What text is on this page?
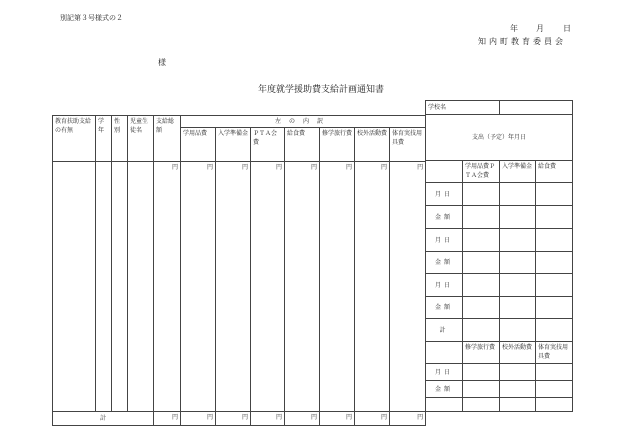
別記第３号様式の２
年 月 日
知内町教育委員会
様
年度就学援助費支給計画通知書
教育扶助支給の有無	学年	性別	児童生徒名	支給総額	左の内訳						
					学用品費	入学準備金	ＰＴＡ会費	給食費	修学旅行費	校外活動費	体育実技用具費
				円	円	円	円	円	円	円	円
計				円	円	円	円	円	円	円	円
学校名			
支出（予定）年月日			
	学用品費ＰＴＡ会費	入学準備金	給食費
月日			
金額			
月日			
金額			
月日			
金額			
計			
	修学旅行費	校外活動費	体育実技用具費
月日			
金額			
